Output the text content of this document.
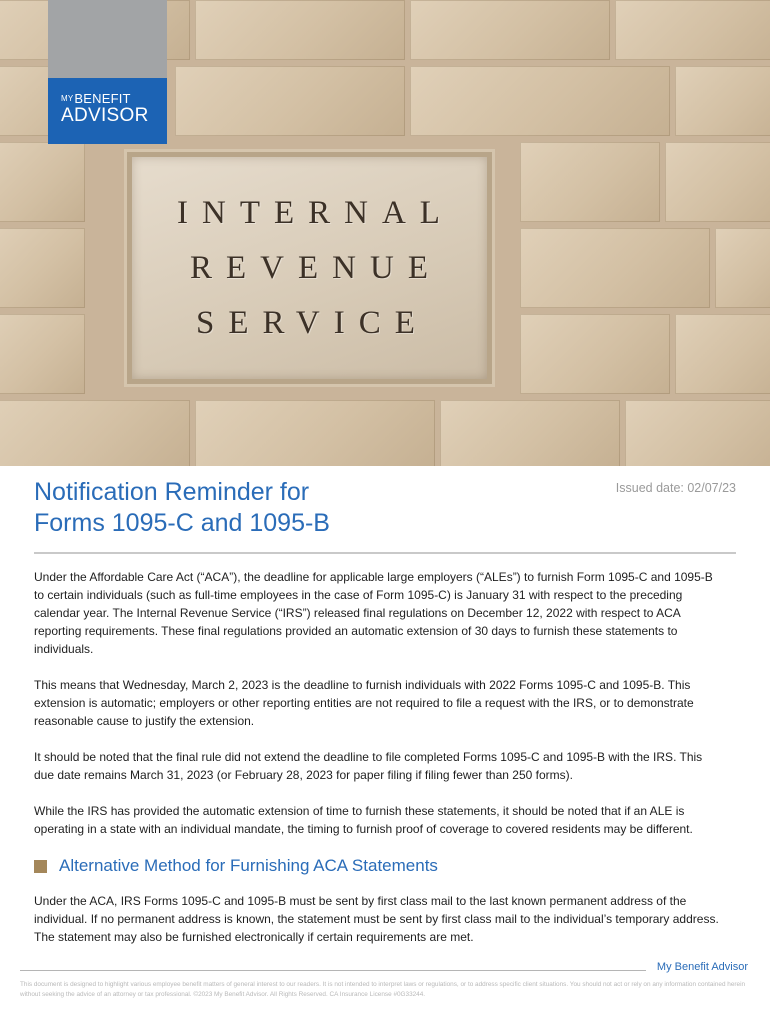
INTERNAL
REVENUE
SERVICE
$^{MY}$BENEFIT
ADVISOR
Notification Reminder for
Forms 1095-C and 1095-B
Issued date: 02/07/23

Under the Affordable Care Act (“ACA”), the deadline for applicable large employers (“ALEs”) to furnish Form 1095-C and 1095-B to certain individuals (such as full-time employees in the case of Form 1095-C) is January 31 with respect to the preceding calendar year. The Internal Revenue Service (“IRS”) released final regulations on December 12, 2022 with respect to ACA reporting requirements. These final regulations provided an automatic extension of 30 days to furnish these statements to individuals.

This means that Wednesday, March 2, 2023 is the deadline to furnish individuals with 2022 Forms 1095-C and 1095-B. This extension is automatic; employers or other reporting entities are not required to file a request with the IRS, or to demonstrate reasonable cause to justify the extension.

It should be noted that the final rule did not extend the deadline to file completed Forms 1095-C and 1095-B with the IRS. This due date remains March 31, 2023 (or February 28, 2023 for paper filing if filing fewer than 250 forms).

While the IRS has provided the automatic extension of time to furnish these statements, it should be noted that if an ALE is operating in a state with an individual mandate, the timing to furnish proof of coverage to covered residents may be different.

Alternative Method for Furnishing ACA Statements

Under the ACA, IRS Forms 1095-C and 1095-B must be sent by first class mail to the last known permanent address of the individual. If no permanent address is known, the statement must be sent by first class mail to the individual’s temporary address. The statement may also be furnished electronically if certain requirements are met.

My Benefit Advisor
This document is designed to highlight various employee benefit matters of general interest to our readers. It is not intended to interpret laws or regulations, or to address specific client situations. You should not act or rely on any information contained herein without seeking the advice of an attorney or tax professional. ©2023 My Benefit Advisor. All Rights Reserved. CA Insurance License #0G33244.
